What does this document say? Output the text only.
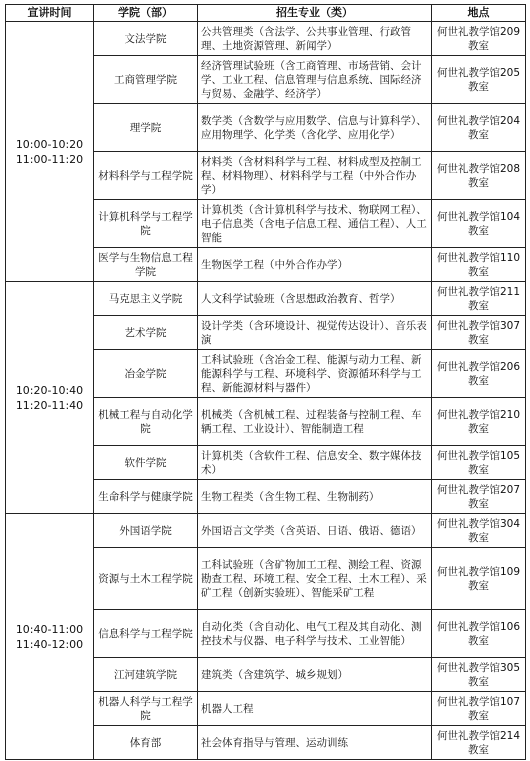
宣讲时间	学院（部）	招生专业（类）	地点

10:00-10:20
11:00-11:20	文法学院	公共管理类（含法学、公共事业管理、行政管理、土地资源管理、新闻学）	何世礼教学馆209教室
	工商管理学院	经济管理试验班（含工商管理、市场营销、会计学、工业工程、信息管理与信息系统、国际经济与贸易、金融学、经济学）	何世礼教学馆205教室
	理学院	数学类（含数学与应用数学、信息与计算科学）、应用物理学、化学类（含化学、应用化学）	何世礼教学馆204教室
	材料科学与工程学院	材料类（含材料科学与工程、材料成型及控制工程、材料物理）、材料科学与工程（中外合作办学）	何世礼教学馆208教室
	计算机科学与工程学院	计算机类（含计算机科学与技术、物联网工程）、电子信息类（含电子信息工程、通信工程）、人工智能	何世礼教学馆104教室
	医学与生物信息工程学院	生物医学工程（中外合作办学）	何世礼教学馆110教室

10:20-10:40
11:20-11:40	马克思主义学院	人文科学试验班（含思想政治教育、哲学）	何世礼教学馆211教室
	艺术学院	设计学类（含环境设计、视觉传达设计）、音乐表演	何世礼教学馆307教室
	冶金学院	工科试验班（含冶金工程、能源与动力工程、新能源科学与工程、环境科学、资源循环科学与工程、新能源材料与器件）	何世礼教学馆206教室
	机械工程与自动化学院	机械类（含机械工程、过程装备与控制工程、车辆工程、工业设计）、智能制造工程	何世礼教学馆210教室
	软件学院	计算机类（含软件工程、信息安全、数字媒体技术）	何世礼教学馆105教室
	生命科学与健康学院	生物工程类（含生物工程、生物制药）	何世礼教学馆207教室

10:40-11:00
11:40-12:00	外国语学院	外国语言文学类（含英语、日语、俄语、德语）	何世礼教学馆304教室
	资源与土木工程学院	工科试验班（含矿物加工工程、测绘工程、资源勘查工程、环境工程、安全工程、土木工程）、采矿工程（创新实验班）、智能采矿工程	何世礼教学馆109教室
	信息科学与工程学院	自动化类（含自动化、电气工程及其自动化、测控技术与仪器、电子科学与技术、工业智能）	何世礼教学馆106教室
	江河建筑学院	建筑类（含建筑学、城乡规划）	何世礼教学馆305教室
	机器人科学与工程学院	机器人工程	何世礼教学馆107教室
	体育部	社会体育指导与管理、运动训练	何世礼教学馆214教室
